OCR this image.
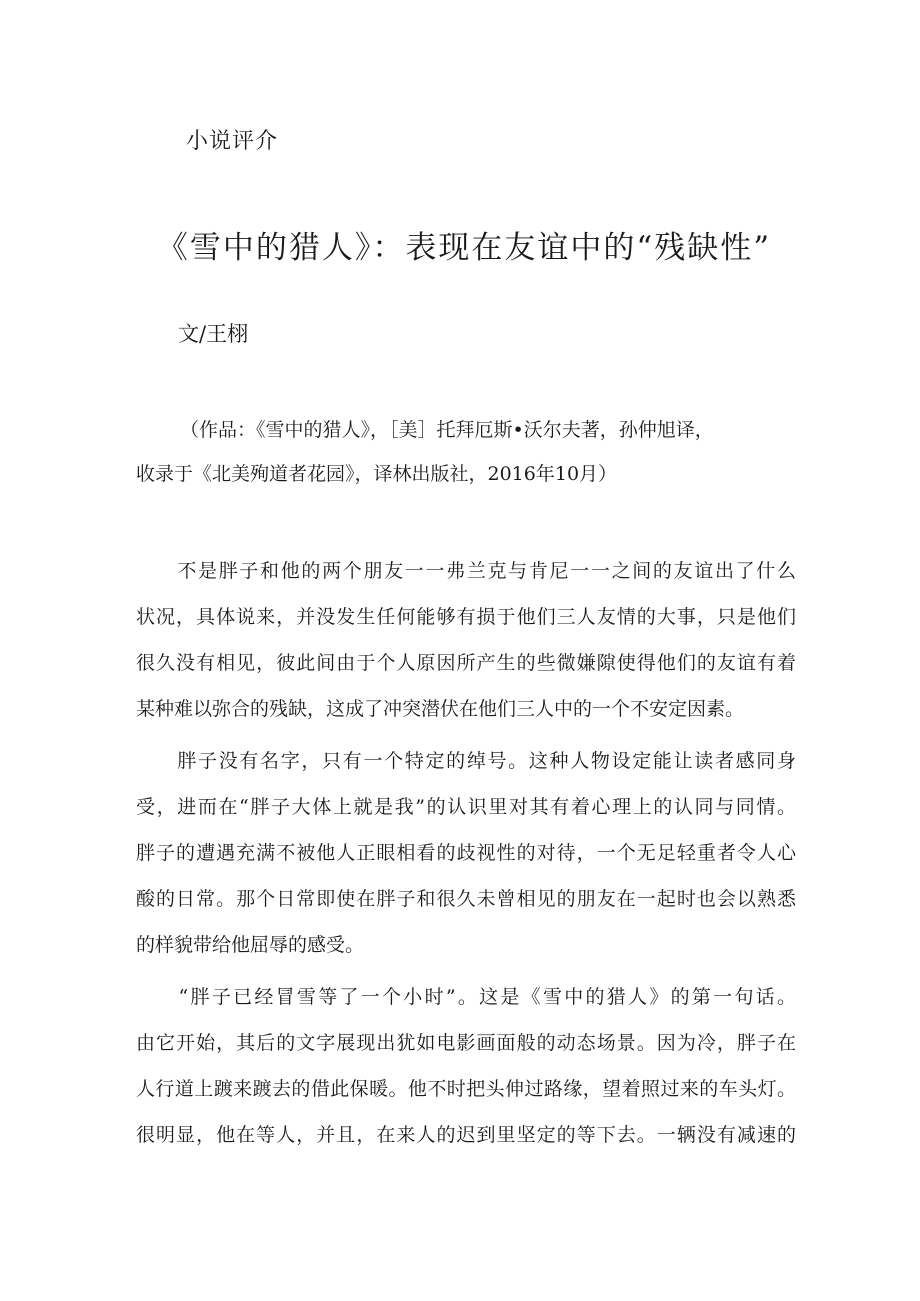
小说评介
《雪中的猎人》：表现在友谊中的“残缺性”
文/王栩
（作品：《雪中的猎人》，［美］托拜厄斯•沃尔夫著，孙仲旭译，
收录于《北美殉道者花园》，译林出版社，2016年10月）

　　不是胖子和他的两个朋友一一弗兰克与肯尼一一之间的友谊出了什么
状况，具体说来，并没发生任何能够有损于他们三人友情的大事，只是他们
很久没有相见，彼此间由于个人原因所产生的些微嫌隙使得他们的友谊有着
某种难以弥合的残缺，这成了冲突潜伏在他们三人中的一个不安定因素。

　　胖子没有名字，只有一个特定的绰号。这种人物设定能让读者感同身
受，进而在“胖子大体上就是我”的认识里对其有着心理上的认同与同情。
胖子的遭遇充满不被他人正眼相看的歧视性的对待，一个无足轻重者令人心
酸的日常。那个日常即使在胖子和很久未曾相见的朋友在一起时也会以熟悉
的样貌带给他屈辱的感受。

　　“胖子已经冒雪等了一个小时”。这是《雪中的猎人》的第一句话。
由它开始，其后的文字展现出犹如电影画面般的动态场景。因为冷，胖子在
人行道上踱来踱去的借此保暖。他不时把头伸过路缘，望着照过来的车头灯。
很明显，他在等人，并且，在来人的迟到里坚定的等下去。一辆没有减速的
